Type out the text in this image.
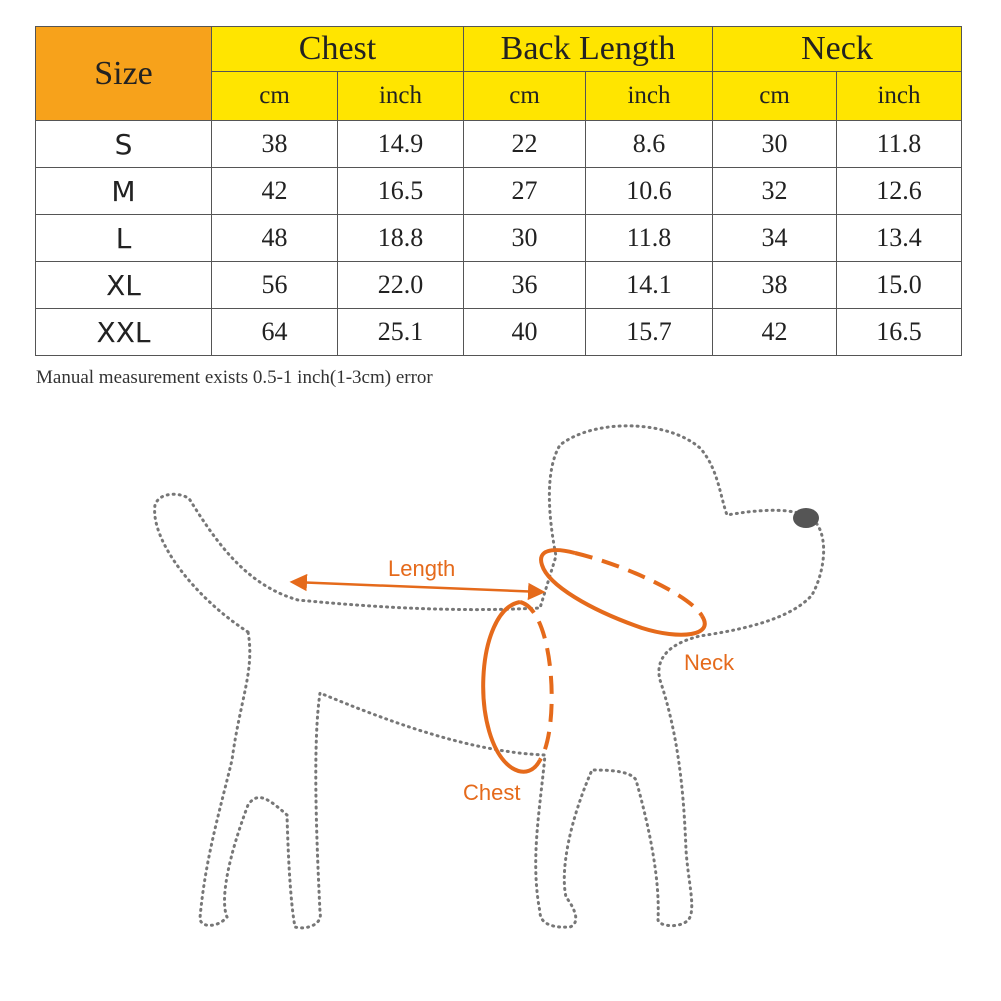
Size	Chest		Back Length		Neck	
	cm	inch	cm	inch	cm	inch
S	38	14.9	22	8.6	30	11.8
M	42	16.5	27	10.6	32	12.6
L	48	18.8	30	11.8	34	13.4
XL	56	22.0	36	14.1	38	15.0
XXL	64	25.1	40	15.7	42	16.5

Manual measurement exists 0.5-1 inch(1-3cm) error

Length
Neck
Chest
